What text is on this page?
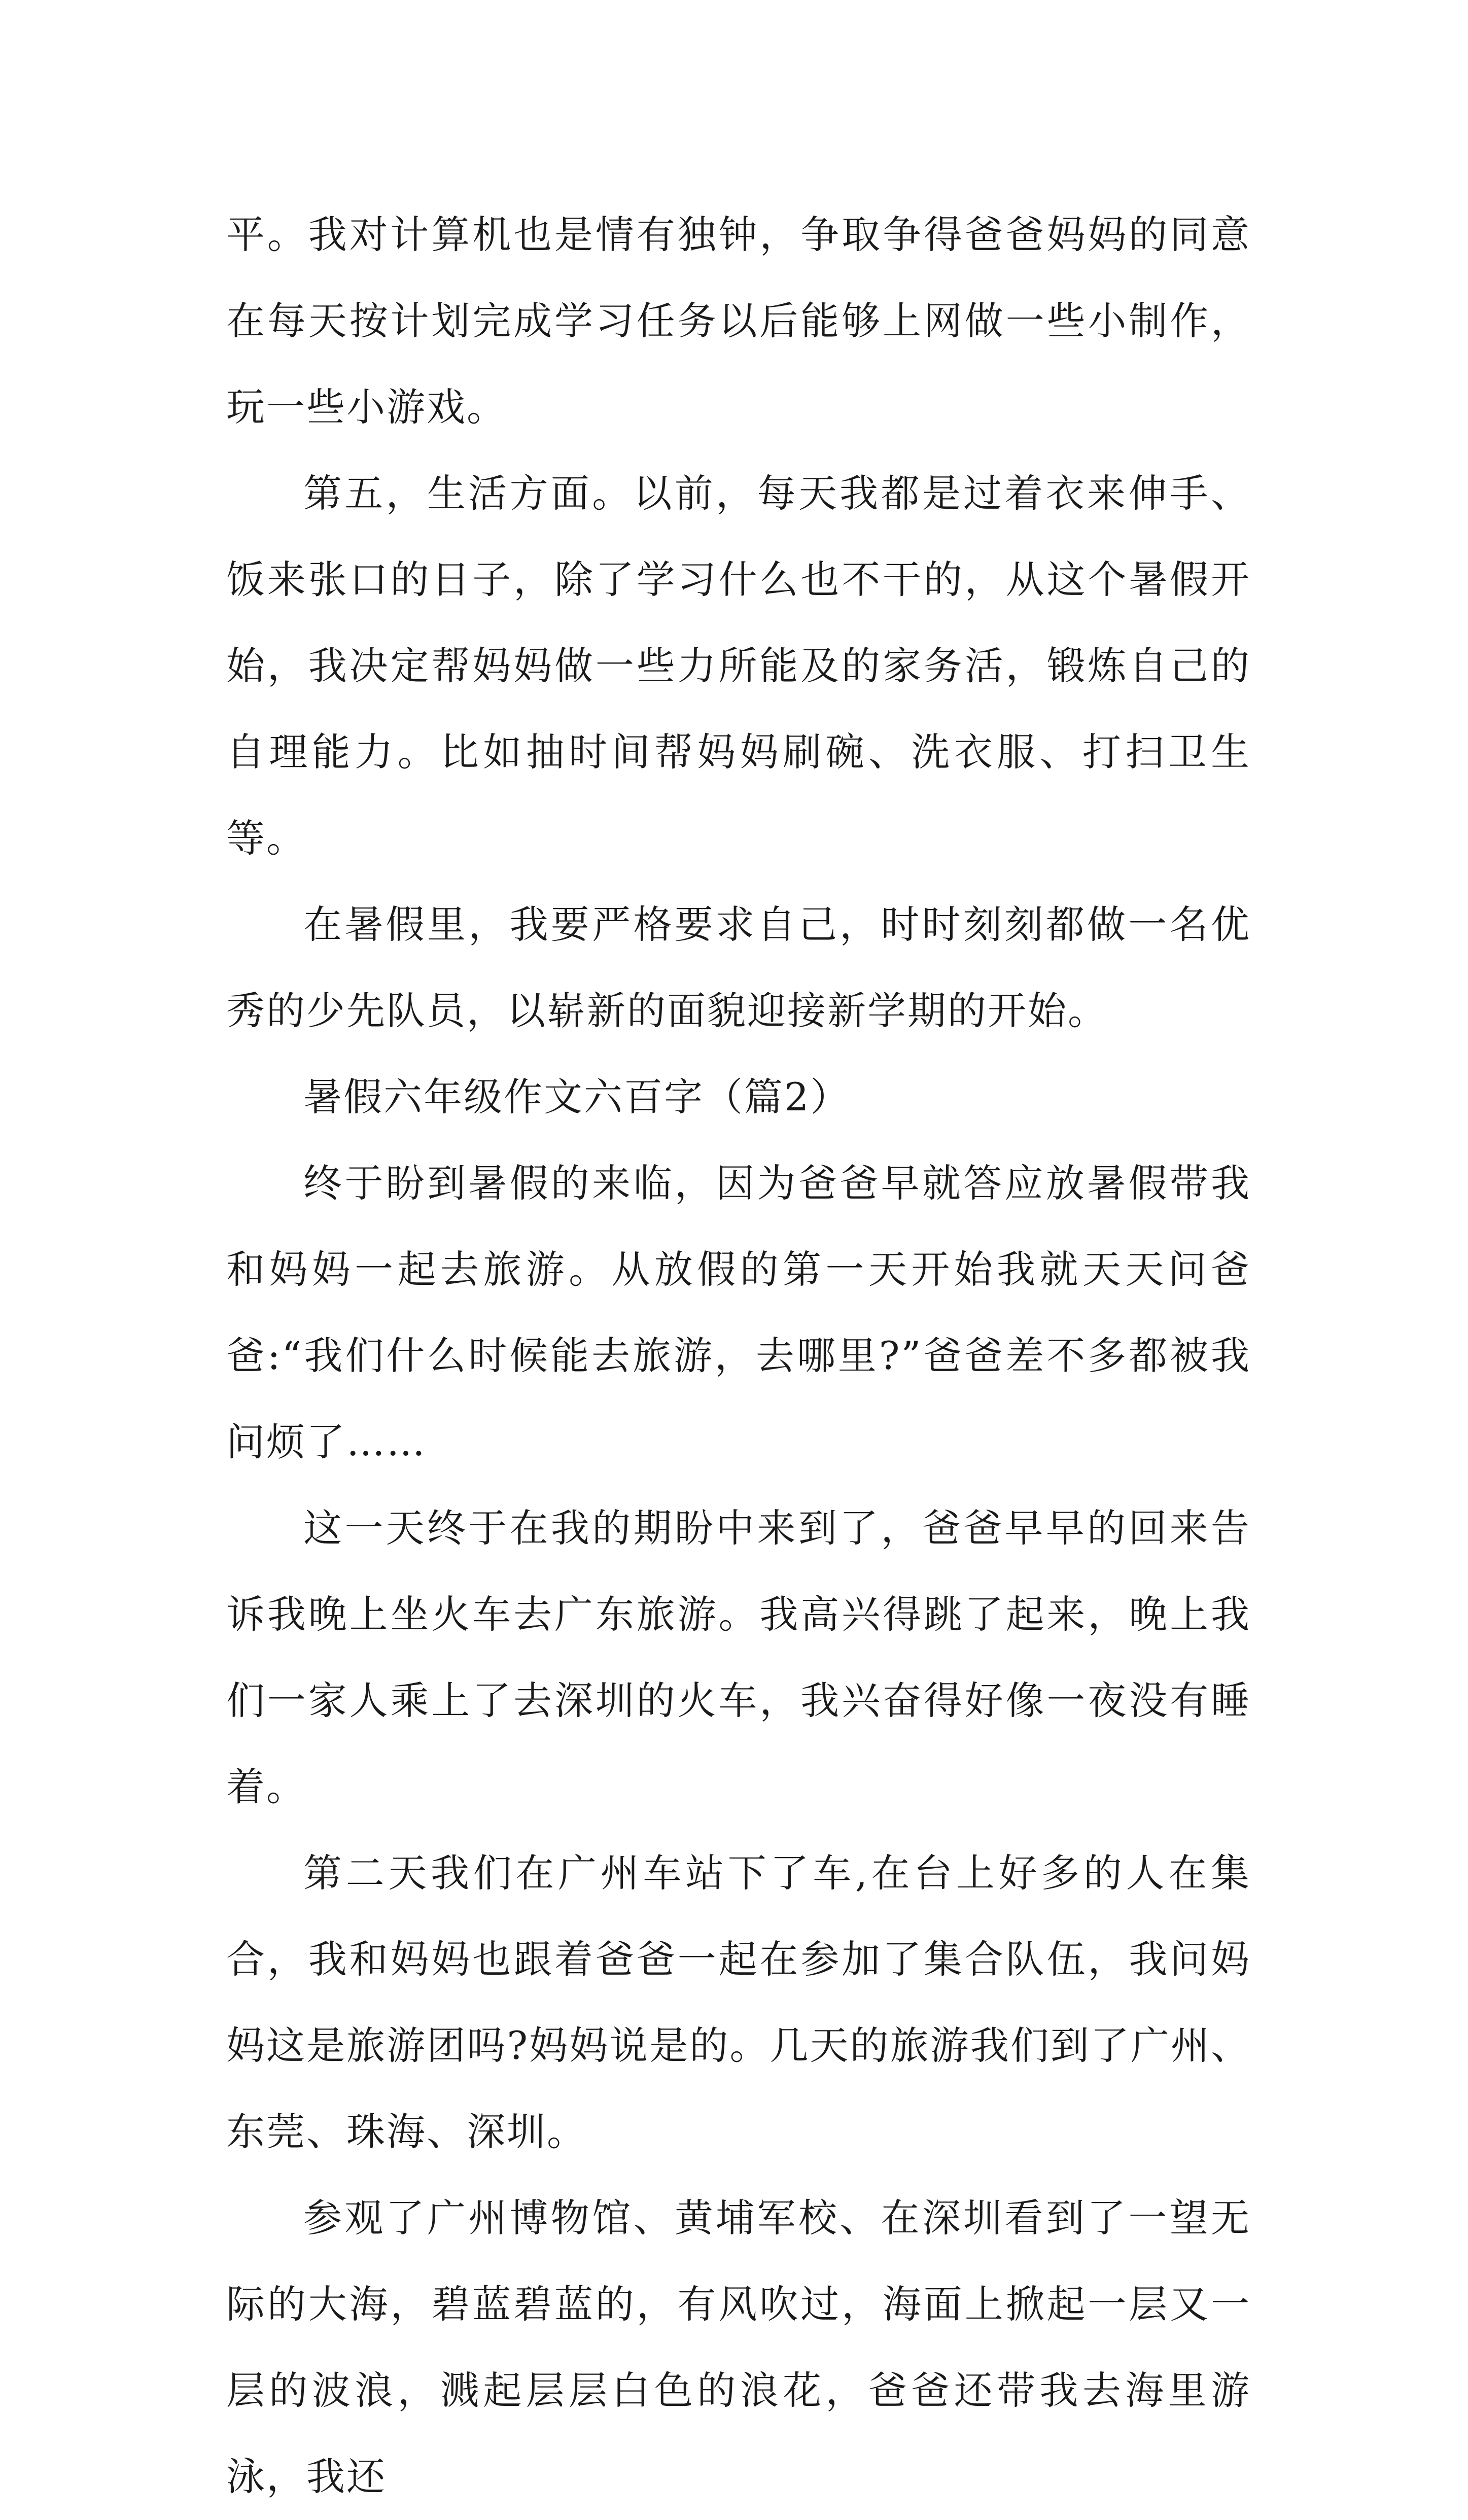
平。我对计算机也是情有独钟，争取争得爸爸妈妈的同意在每天按计划完成学习任务以后能够上网做一些小制作，玩一些小游戏。

第五，生活方面。以前，每天我都是过着衣来伸手、饭来张口的日子，除了学习什么也不干的，从这个暑假开始，我决定帮妈妈做一些力所能及的家务活，锻炼自己的自理能力。比如抽时间帮妈妈刷碗、洗衣服、打扫卫生等。

在暑假里，我要严格要求自己，时时刻刻都做一名优秀的少先队员，以崭新的面貌迎接新学期的开始。

暑假六年级作文六百字（篇2）

终于盼到暑假的来临，因为爸爸早就答应放暑假带我和妈妈一起去旅游。从放假的第一天开始我就天天问爸爸:“我们什么时候能去旅游，去哪里?”爸爸差不多都被我问烦了……

这一天终于在我的期盼中来到了，爸爸早早的回来告诉我晚上坐火车去广东旅游。我高兴得跳了起来，晚上我们一家人乘上了去深圳的火车，我兴奋得好像一夜没有睡着。

第二天我们在广州车站下了车,在台上好多的人在集合，我和妈妈也跟着爸爸一起在参加了集合队伍，我问妈妈这是旅游团吗?妈妈说是的。几天的旅游我们到了广州、东莞、珠海、深圳。

参观了广州博物馆、黄埔军校、在深圳看到了一望无际的大海，碧蓝碧蓝的，有风吹过，海面上掀起一层又一层的波浪，溅起层层白色的浪花，爸爸还带我去海里游泳，我还
